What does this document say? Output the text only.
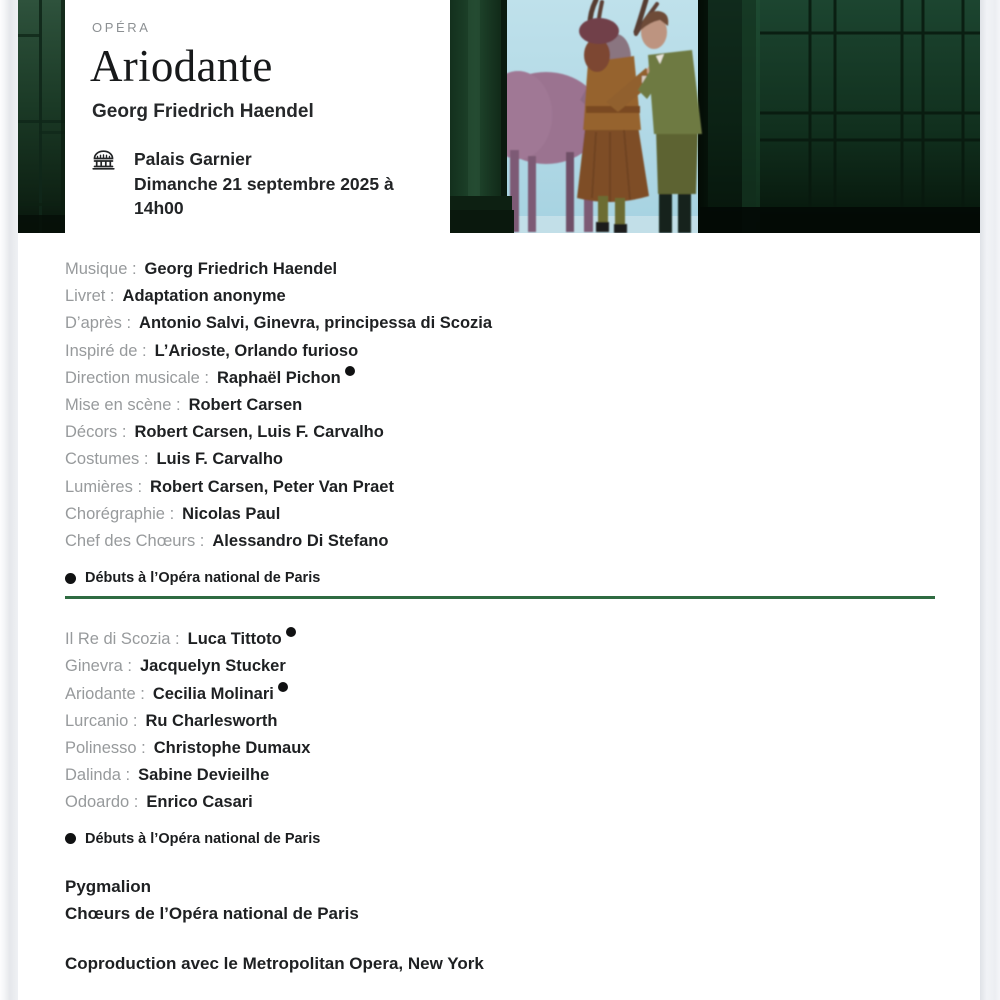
OPÉRA
Ariodante
Georg Friedrich Haendel
Palais Garnier
Dimanche 21 septembre 2025 à
14h00
Musique : Georg Friedrich Haendel
Livret : Adaptation anonyme
D’après : Antonio Salvi, Ginevra, principessa di Scozia
Inspiré de : L’Arioste, Orlando furioso
Direction musicale : Raphaël Pichon
Mise en scène : Robert Carsen
Décors : Robert Carsen, Luis F. Carvalho
Costumes : Luis F. Carvalho
Lumières : Robert Carsen, Peter Van Praet
Chorégraphie : Nicolas Paul
Chef des Chœurs : Alessandro Di Stefano
Débuts à l’Opéra national de Paris
Il Re di Scozia : Luca Tittoto
Ginevra : Jacquelyn Stucker
Ariodante : Cecilia Molinari
Lurcanio : Ru Charlesworth
Polinesso : Christophe Dumaux
Dalinda : Sabine Devieilhe
Odoardo : Enrico Casari
Débuts à l’Opéra national de Paris
Pygmalion
Chœurs de l’Opéra national de Paris
Coproduction avec le Metropolitan Opera, New York
